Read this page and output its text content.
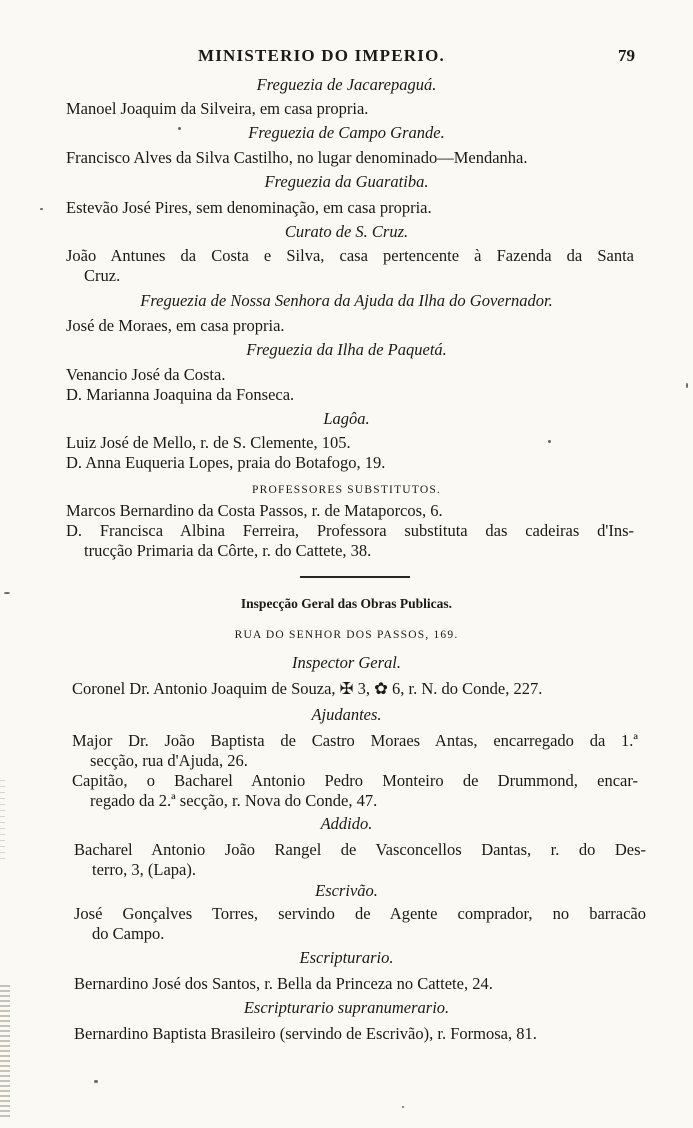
MINISTERIO DO IMPERIO.	79
Freguezia de Jacarepaguá.
Manoel Joaquim da Silveira, em casa propria.
Freguezia de Campo Grande.
Francisco Alves da Silva Castilho, no lugar denominado—Mendanha.
Freguezia da Guaratiba.
Estevão José Pires, sem denominação, em casa propria.
Curato de S. Cruz.
João Antunes da Costa e Silva, casa pertencente à Fazenda da Santa
Cruz.
Freguezia de Nossa Senhora da Ajuda da Ilha do Governador.
José de Moraes, em casa propria.
Freguezia da Ilha de Paquetá.
Venancio José da Costa.
D. Marianna Joaquina da Fonseca.
Lagôa.
Luiz José de Mello, r. de S. Clemente, 105.
D. Anna Euqueria Lopes, praia do Botafogo, 19.
PROFESSORES SUBSTITUTOS.
Marcos Bernardino da Costa Passos, r. de Mataporcos, 6.
D. Francisca Albina Ferreira, Professora substituta das cadeiras d'Ins-
trucção Primaria da Côrte, r. do Cattete, 38.
Inspecção Geral das Obras Publicas.
RUA DO SENHOR DOS PASSOS, 169.
Inspector Geral.
Coronel Dr. Antonio Joaquim de Souza, ✠ 3, ✿ 6, r. N. do Conde, 227.
Ajudantes.
Major Dr. João Baptista de Castro Moraes Antas, encarregado da 1.ª
secção, rua d'Ajuda, 26.
Capitão, o Bacharel Antonio Pedro Monteiro de Drummond, encar-
regado da 2.ª secção, r. Nova do Conde, 47.
Addido.
Bacharel Antonio João Rangel de Vasconcellos Dantas, r. do Des-
terro, 3, (Lapa).
Escrivão.
José Gonçalves Torres, servindo de Agente comprador, no barracão
do Campo.
Escripturario.
Bernardino José dos Santos, r. Bella da Princeza no Cattete, 24.
Escripturario supranumerario.
Bernardino Baptista Brasileiro (servindo de Escrivão), r. Formosa, 81.
